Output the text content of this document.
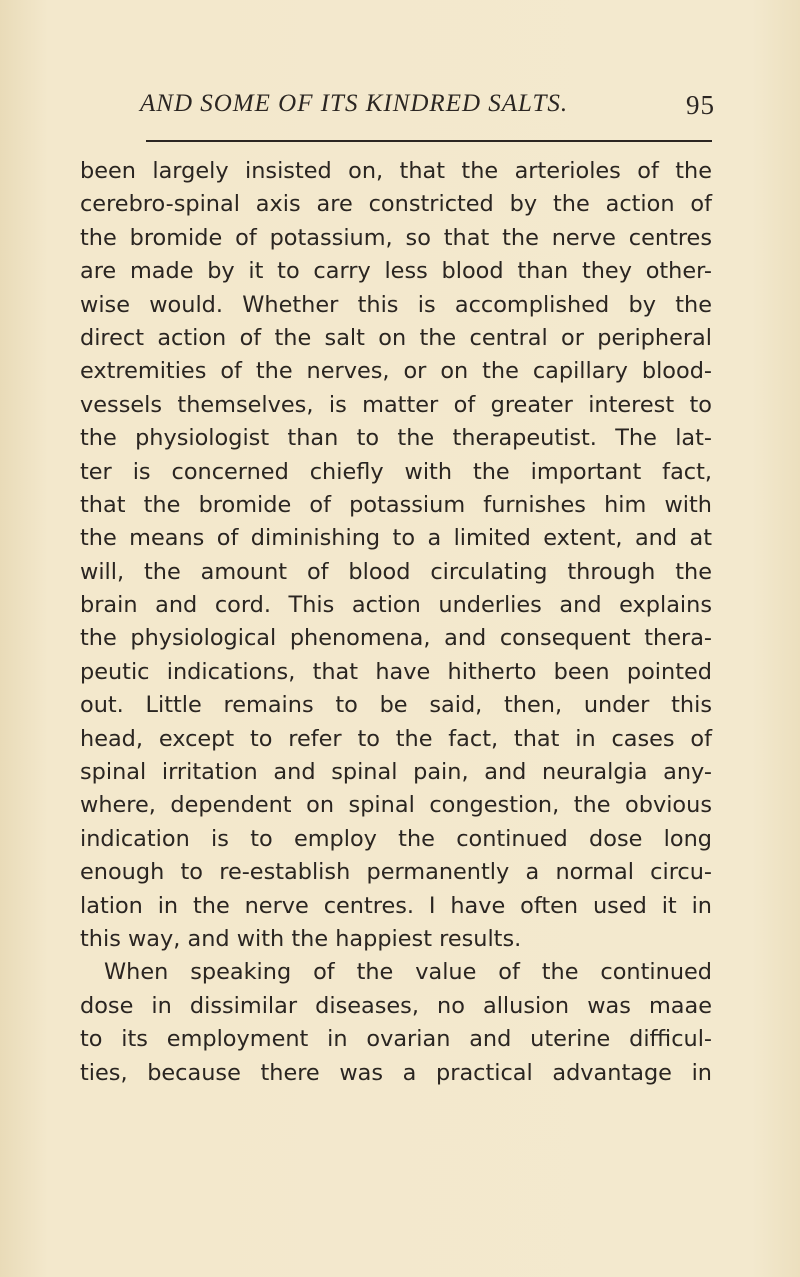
AND SOME OF ITS KINDRED SALTS.	95
been largely insisted on, that the arterioles of the
cerebro-spinal axis are constricted by the action of
the bromide of potassium, so that the nerve centres
are made by it to carry less blood than they other-
wise would. Whether this is accomplished by the
direct action of the salt on the central or peripheral
extremities of the nerves, or on the capillary blood-
vessels themselves, is matter of greater interest to
the physiologist than to the therapeutist. The lat-
ter is concerned chiefly with the important fact,
that the bromide of potassium furnishes him with
the means of diminishing to a limited extent, and at
will, the amount of blood circulating through the
brain and cord. This action underlies and explains
the physiological phenomena, and consequent thera-
peutic indications, that have hitherto been pointed
out. Little remains to be said, then, under this
head, except to refer to the fact, that in cases of
spinal irritation and spinal pain, and neuralgia any-
where, dependent on spinal congestion, the obvious
indication is to employ the continued dose long
enough to re-establish permanently a normal circu-
lation in the nerve centres. I have often used it in
this way, and with the happiest results.
When speaking of the value of the continued
dose in dissimilar diseases, no allusion was maae
to its employment in ovarian and uterine difficul-
ties, because there was a practical advantage in
